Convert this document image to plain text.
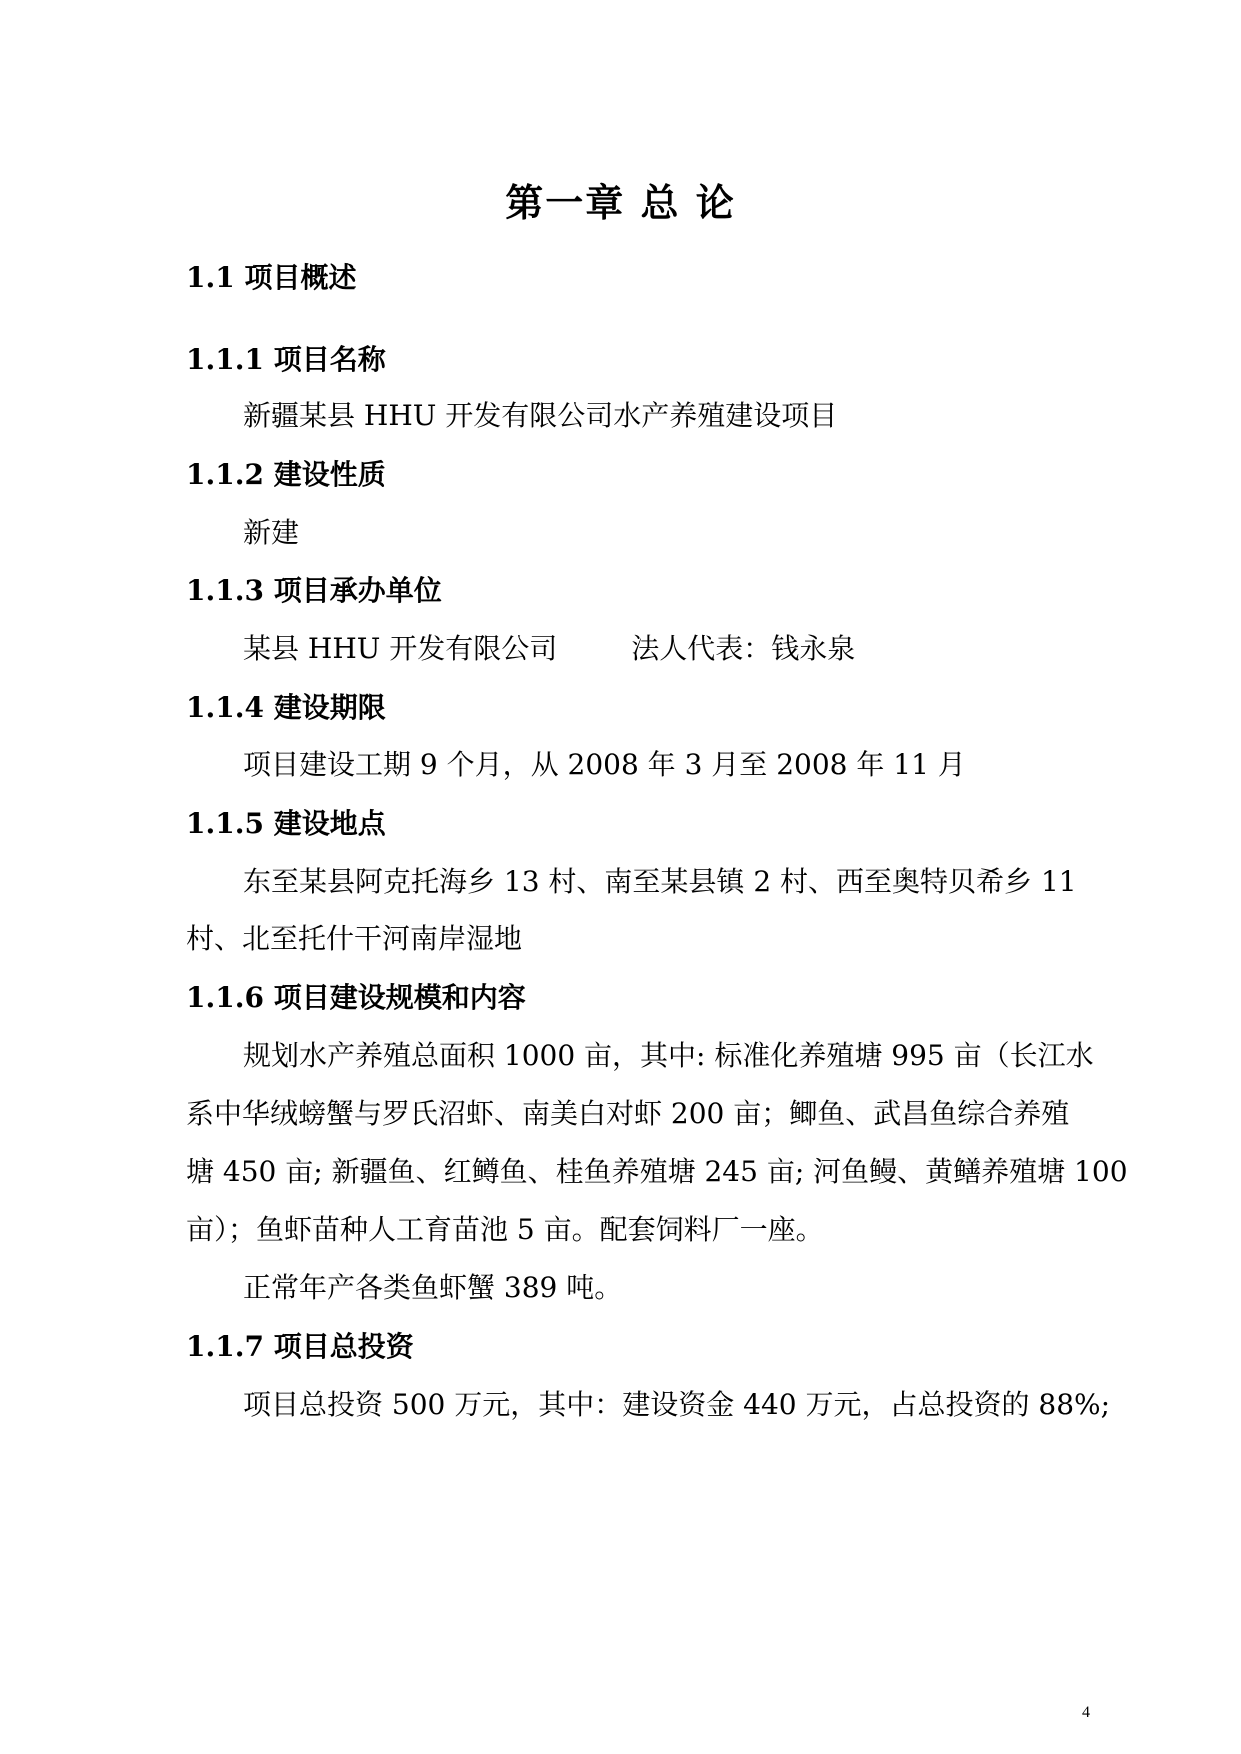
第一章 总 论
1.1 项目概述
1.1.1 项目名称

新疆某县 HHU 开发有限公司水产养殖建设项目

1.1.2 建设性质

新建

1.1.3 项目承办单位

某县 HHU 开发有限公司	法人代表：钱永泉

1.1.4 建设期限

项目建设工期 9 个月，从 2008 年 3 月至 2008 年 11 月

1.1.5 建设地点

东至某县阿克托海乡 13 村、南至某县镇 2 村、西至奥特贝希乡 11

村、北至托什干河南岸湿地

1.1.6 项目建设规模和内容

规划水产养殖总面积 1000 亩，其中: 标准化养殖塘 995 亩（长江水

系中华绒螃蟹与罗氏沼虾、南美白对虾 200 亩；鲫鱼、武昌鱼综合养殖

塘 450 亩; 新疆鱼、红鳟鱼、桂鱼养殖塘 245 亩; 河鱼鳗、黄鳝养殖塘 100

亩）；鱼虾苗种人工育苗池 5 亩。配套饲料厂一座。

正常年产各类鱼虾蟹 389 吨。

1.1.7 项目总投资

项目总投资 500 万元，其中：建设资金 440 万元，占总投资的 88%;

4
